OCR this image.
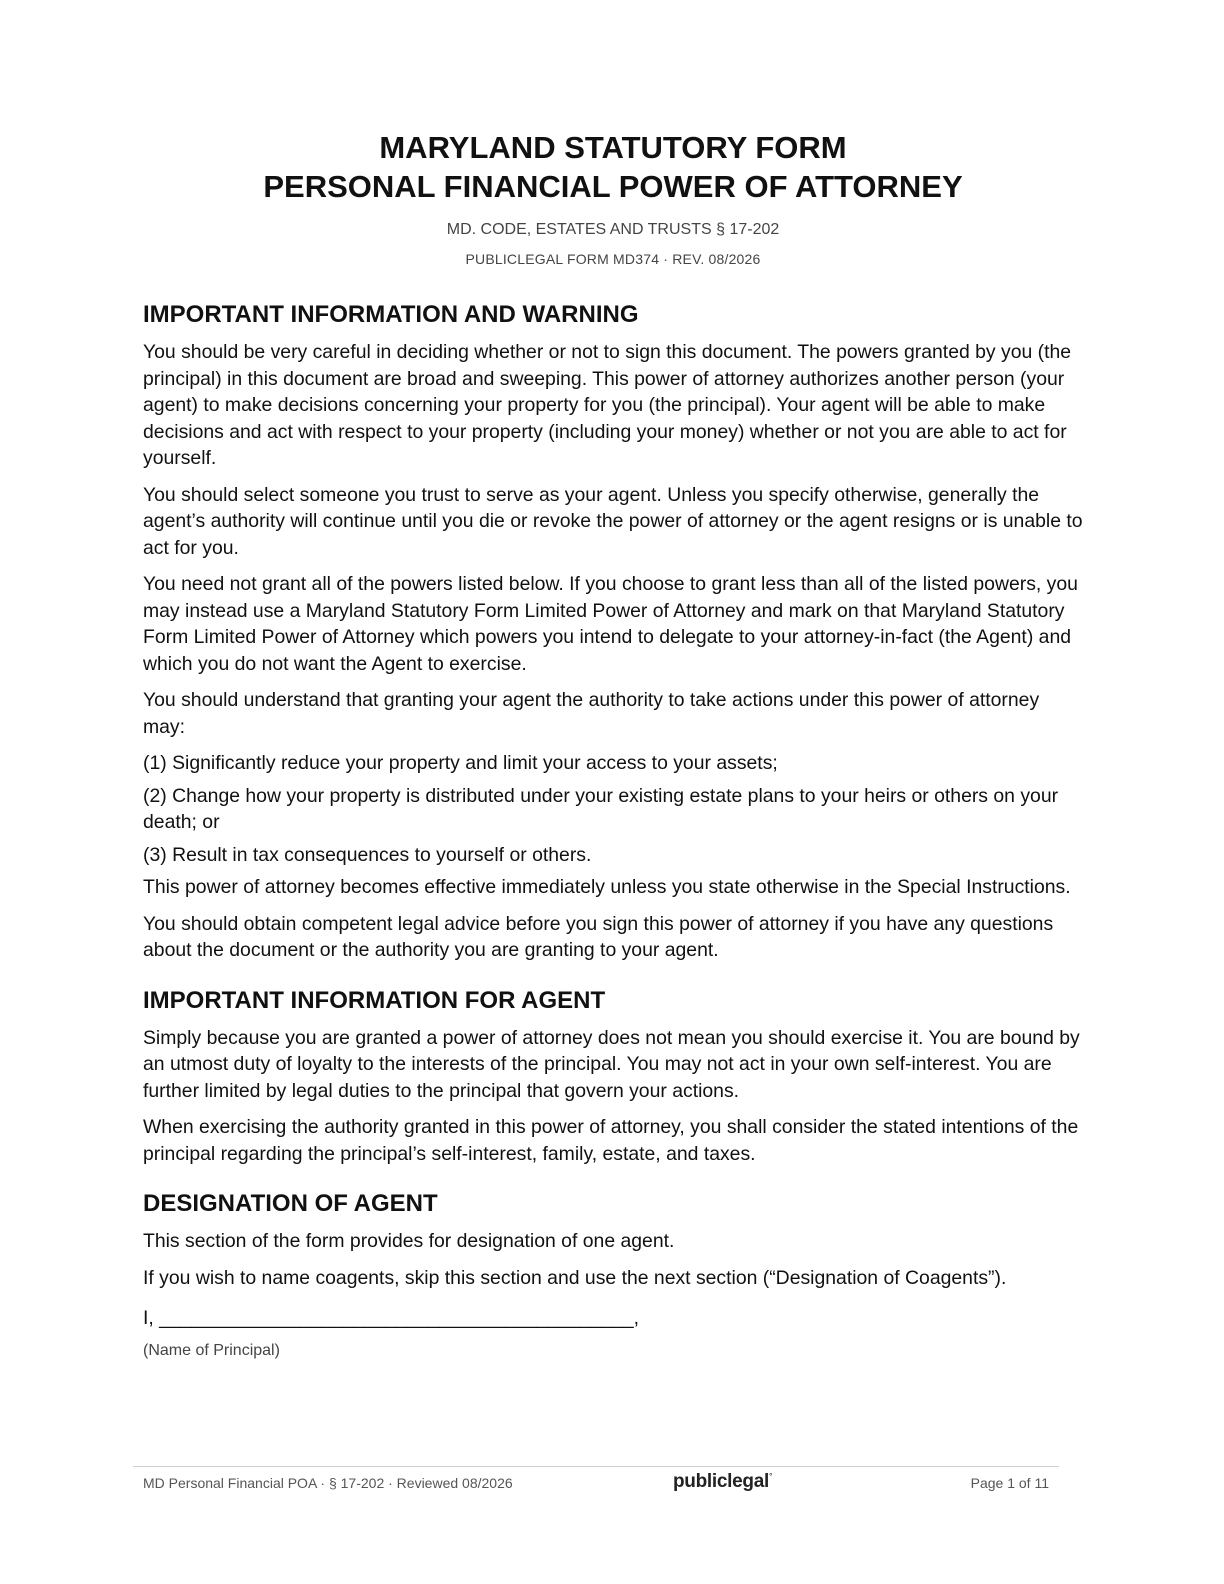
MARYLAND STATUTORY FORM
PERSONAL FINANCIAL POWER OF ATTORNEY
MD. CODE, ESTATES AND TRUSTS § 17-202
PUBLICLEGAL FORM MD374 · REV. 08/2026
IMPORTANT INFORMATION AND WARNING

You should be very careful in deciding whether or not to sign this document. The powers granted by you (the principal) in this document are broad and sweeping. This power of attorney authorizes another person (your agent) to make decisions concerning your property for you (the principal). Your agent will be able to make decisions and act with respect to your property (including your money) whether or not you are able to act for yourself.

You should select someone you trust to serve as your agent. Unless you specify otherwise, generally the agent’s authority will continue until you die or revoke the power of attorney or the agent resigns or is unable to act for you.

You need not grant all of the powers listed below. If you choose to grant less than all of the listed powers, you may instead use a Maryland Statutory Form Limited Power of Attorney and mark on that Maryland Statutory Form Limited Power of Attorney which powers you intend to delegate to your attorney-in-fact (the Agent) and which you do not want the Agent to exercise.

You should understand that granting your agent the authority to take actions under this power of attorney may:

(1) Significantly reduce your property and limit your access to your assets;

(2) Change how your property is distributed under your existing estate plans to your heirs or others on your death; or

(3) Result in tax consequences to yourself or others.

This power of attorney becomes effective immediately unless you state otherwise in the Special Instructions.

You should obtain competent legal advice before you sign this power of attorney if you have any questions about the document or the authority you are granting to your agent.

IMPORTANT INFORMATION FOR AGENT

Simply because you are granted a power of attorney does not mean you should exercise it. You are bound by an utmost duty of loyalty to the interests of the principal. You may not act in your own self-interest. You are further limited by legal duties to the principal that govern your actions.

When exercising the authority granted in this power of attorney, you shall consider the stated intentions of the principal regarding the principal’s self-interest, family, estate, and taxes.

DESIGNATION OF AGENT

This section of the form provides for designation of one agent.

If you wish to name coagents, skip this section and use the next section (“Designation of Coagents”).

I, ____________________________________________,
(Name of Principal)
MD Personal Financial POA · § 17-202 · Reviewed 08/2026	publiclegal°	Page 1 of 11
